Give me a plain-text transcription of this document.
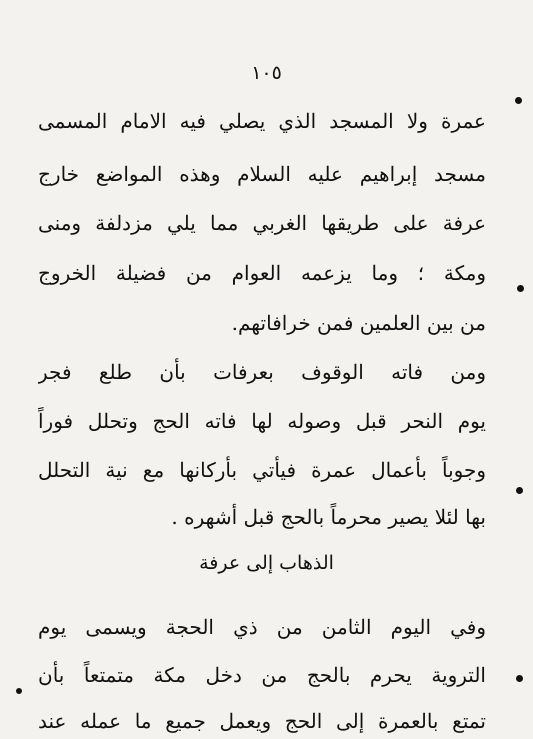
١٠٥
عمرة ولا المسجد الذي يصلي فيه الامام المسمى
مسجد إبراهيم عليه السلام وهذه المواضع خارج
عرفة على طريقها الغربي مما يلي مزدلفة ومنى
ومكة ؛ وما يزعمه العوام من فضيلة الخروج
من بين العلمين فمن خرافاتهم.
ومن فاته الوقوف بعرفات بأن طلع فجر
يوم النحر قبل وصوله لها فاته الحج وتحلل فوراً
وجوباً بأعمال عمرة فيأتي بأركانها مع نية التحلل
بها لئلا يصير محرماً بالحج قبل أشهره .
الذهاب إلى عرفة
وفي اليوم الثامن من ذي الحجة ويسمى يوم
التروية يحرم بالحج من دخل مكة متمتعاً بأن
تمتع بالعمرة إلى الحج ويعمل جميع ما عمله عند
